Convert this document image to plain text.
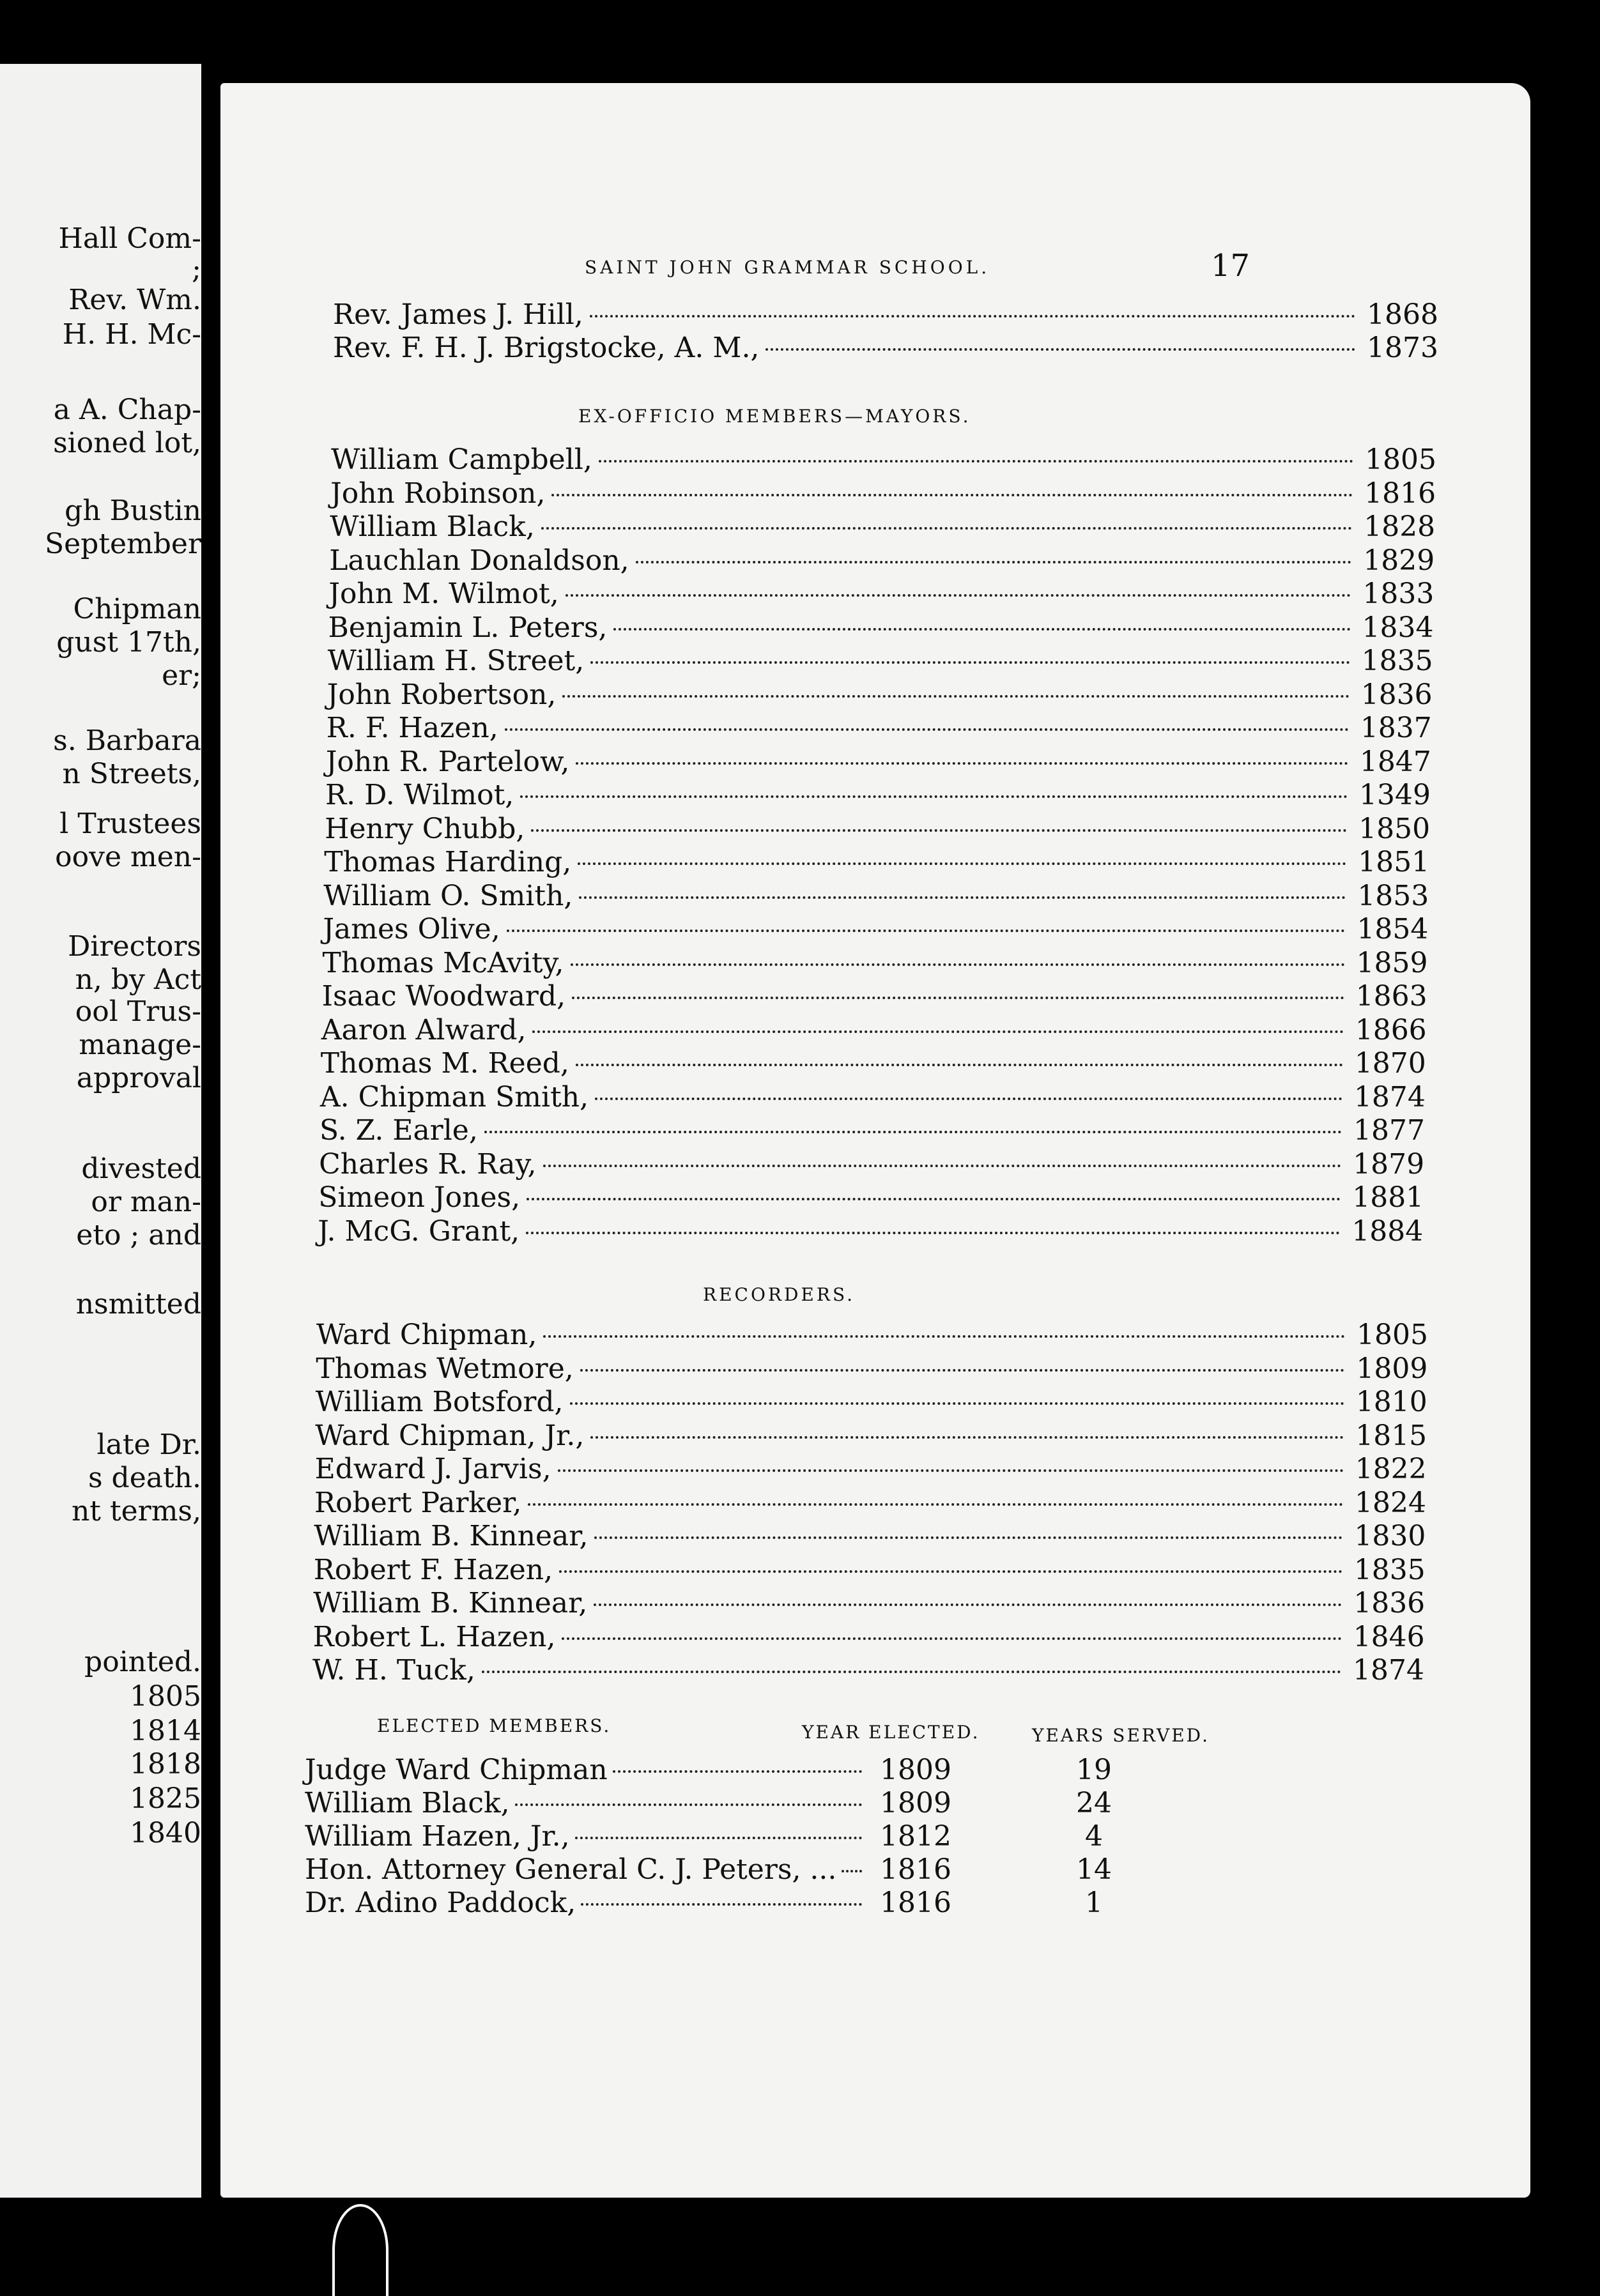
Hall Com-
;
Rev. Wm.
H. H. Mc-
a A. Chap-
sioned lot,
gh Bustin
September
Chipman
gust 17th,
er;
s. Barbara
n Streets,
l Trustees
oove men-
Directors
n, by Act
ool Trus-
manage-
approval
divested
or man-
eto ; and
nsmitted
late Dr.
s death.
nt terms,
pointed.
1805
1814
1818
1825
1840
SAINT JOHN GRAMMAR SCHOOL.	17
Rev. James J. Hill,	1868
Rev. F. H. J. Brigstocke, A. M.,	1873
EX-OFFICIO MEMBERS—MAYORS.
William Campbell,	1805
John Robinson,	1816
William Black,	1828
Lauchlan Donaldson,	1829
John M. Wilmot,	1833
Benjamin L. Peters,	1834
William H. Street,	1835
John Robertson,	1836
R. F. Hazen,	1837
John R. Partelow,	1847
R. D. Wilmot,	1349
Henry Chubb,	1850
Thomas Harding,	1851
William O. Smith,	1853
James Olive,	1854
Thomas McAvity,	1859
Isaac Woodward,	1863
Aaron Alward,	1866
Thomas M. Reed,	1870
A. Chipman Smith,	1874
S. Z. Earle,	1877
Charles R. Ray,	1879
Simeon Jones,	1881
J. McG. Grant,	1884
RECORDERS.
Ward Chipman,	1805
Thomas Wetmore,	1809
William Botsford,	1810
Ward Chipman, Jr.,	1815
Edward J. Jarvis,	1822
Robert Parker,	1824
William B. Kinnear,	1830
Robert F. Hazen,	1835
William B. Kinnear,	1836
Robert L. Hazen,	1846
W. H. Tuck,	1874
ELECTED MEMBERS.	YEAR ELECTED.	YEARS SERVED.
Judge Ward Chipman	1809	19
William Black,	1809	24
William Hazen, Jr.,	1812	4
Hon. Attorney General C. J. Peters, ... 1816	14
Dr. Adino Paddock,	1816	1
